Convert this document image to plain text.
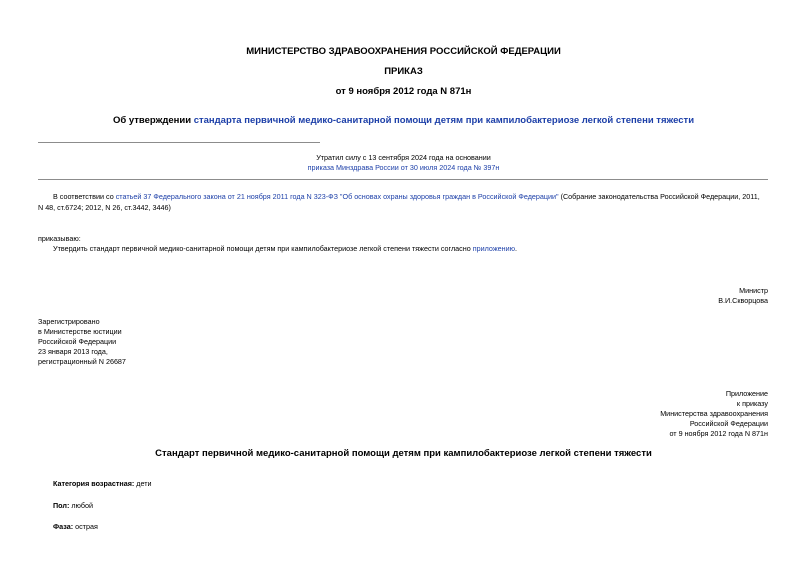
МИНИСТЕРСТВО ЗДРАВООХРАНЕНИЯ РОССИЙСКОЙ ФЕДЕРАЦИИ
ПРИКАЗ
от 9 ноября 2012 года N 871н
Об утверждении стандарта первичной медико-санитарной помощи детям при кампилобактериозе легкой степени тяжести
Утратил силу с 13 сентября 2024 года на основании
приказа Минздрава России от 30 июля 2024 года № 397н
В соответствии со статьей 37 Федерального закона от 21 ноября 2011 года N 323-ФЗ "Об основах охраны здоровья граждан в Российской Федерации" (Собрание законодательства Российской Федерации, 2011,
N 48, ст.6724; 2012, N 26, ст.3442, 3446)
приказываю:
Утвердить стандарт первичной медико-санитарной помощи детям при кампилобактериозе легкой степени тяжести согласно приложению.
Министр
В.И.Скворцова
Зарегистрировано
в Министерстве юстиции
Российской Федерации
23 января 2013 года,
регистрационный N 26687
Приложение
к приказу
Министерства здравоохранения
Российской Федерации
от 9 ноября 2012 года N 871н
Стандарт первичной медико-санитарной помощи детям при кампилобактериозе легкой степени тяжести
Категория возрастная: дети
Пол: любой
Фаза: острая
